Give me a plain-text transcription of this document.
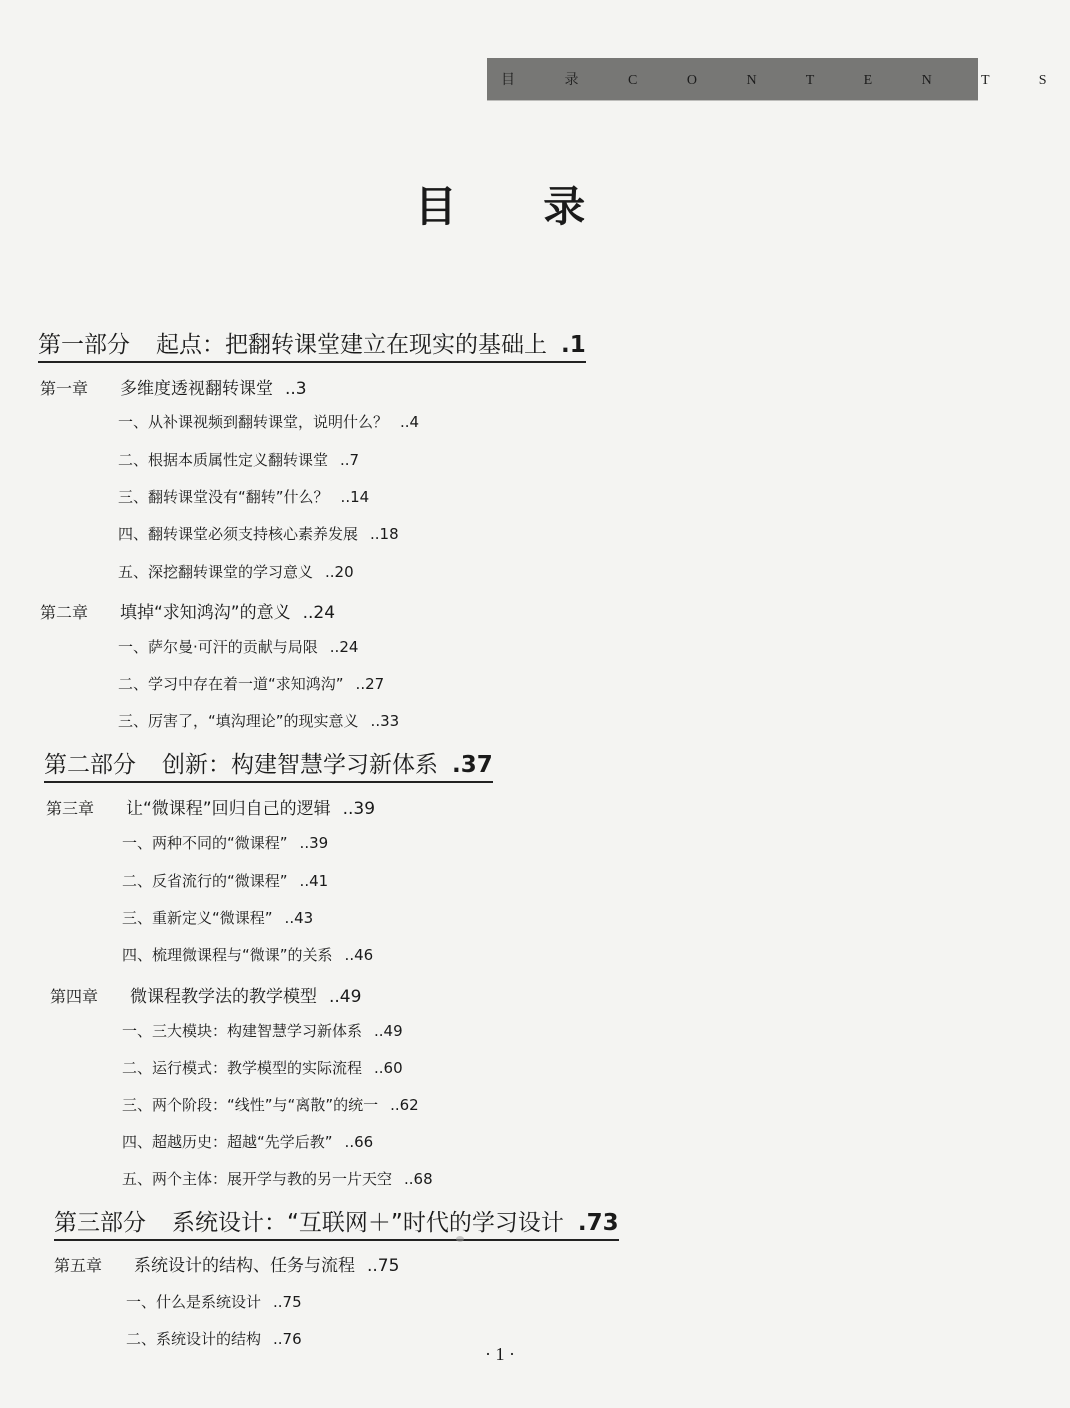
目 录 C O N T E N T S
目 录
第一部分 起点：把翻转课堂建立在现实的基础上 .1
第一章 多维度透视翻转课堂 ..3
一、从补课视频到翻转课堂，说明什么？ ..4
二、根据本质属性定义翻转课堂 ..7
三、翻转课堂没有“翻转”什么？ ..14
四、翻转课堂必须支持核心素养发展 ..18
五、深挖翻转课堂的学习意义 ..20
第二章 填掉“求知鸿沟”的意义 ..24
一、萨尔曼·可汗的贡献与局限 ..24
二、学习中存在着一道“求知鸿沟” ..27
三、厉害了，“填沟理论”的现实意义 ..33
第二部分 创新：构建智慧学习新体系 .37
第三章 让“微课程”回归自己的逻辑 ..39
一、两种不同的“微课程” ..39
二、反省流行的“微课程” ..41
三、重新定义“微课程” ..43
四、梳理微课程与“微课”的关系 ..46
第四章 微课程教学法的教学模型 ..49
一、三大模块：构建智慧学习新体系 ..49
二、运行模式：教学模型的实际流程 ..60
三、两个阶段：“线性”与“离散”的统一 ..62
四、超越历史：超越“先学后教” ..66
五、两个主体：展开学与教的另一片天空 ..68
第三部分 系统设计：“互联网＋”时代的学习设计 .73
第五章 系统设计的结构、任务与流程 ..75
一、什么是系统设计 ..75
二、系统设计的结构 ..76
· 1 ·
